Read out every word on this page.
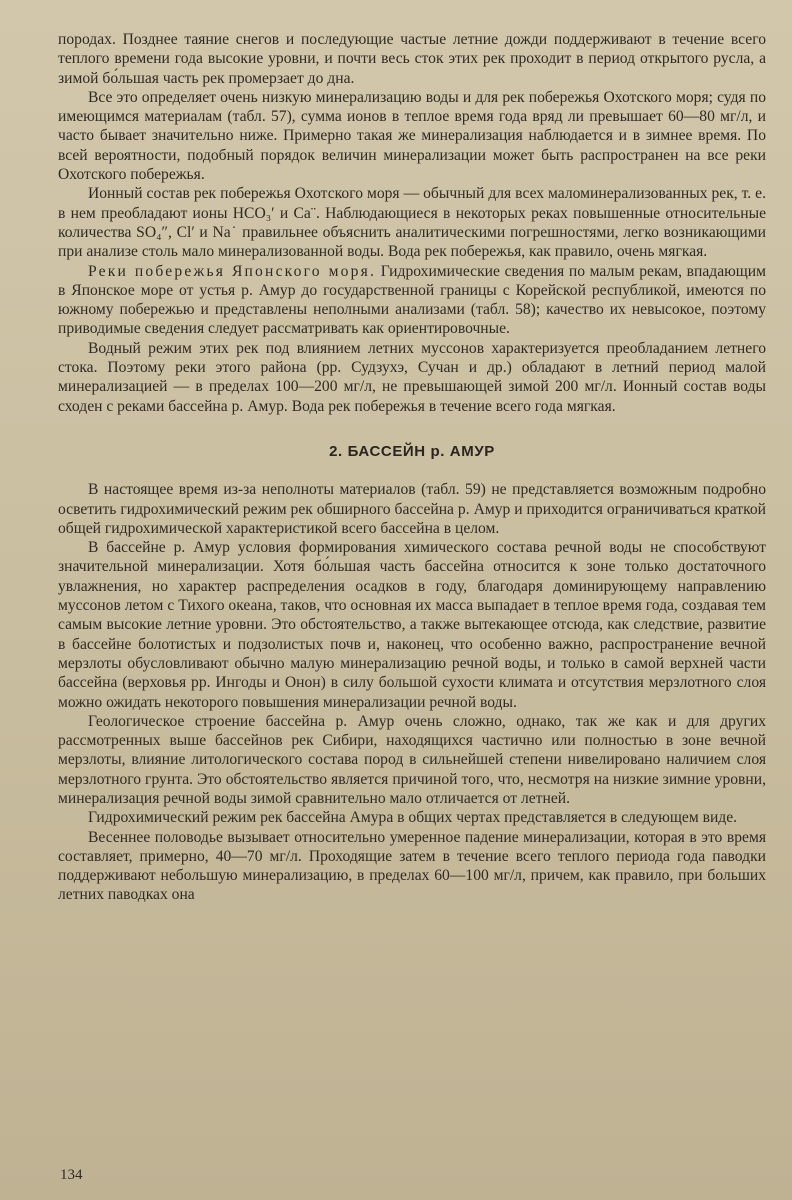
породах. Позднее таяние снегов и последующие частые летние дожди поддерживают в течение всего теплого времени года высокие уровни, и почти весь сток этих рек проходит в период открытого русла, а зимой бо́льшая часть рек промерзает до дна.

Все это определяет очень низкую минерализацию воды и для рек побережья Охотского моря; судя по имеющимся материалам (табл. 57), сумма ионов в теплое время года вряд ли превышает 60—80 мг/л, и часто бывает значительно ниже. Примерно такая же минерализация наблюдается и в зимнее время. По всей вероятности, подобный порядок величин минерализации может быть распространен на все реки Охотского побережья.

Ионный состав рек побережья Охотского моря — обычный для всех маломинерализованных рек, т. е. в нем преобладают ионы HCO₃′ и Ca¨. Наблюдающиеся в некоторых реках повышенные относительные количества SO₄″, Cl′ и Na˙ правильнее объяснить аналитическими погрешностями, легко возникающими при анализе столь мало минерализованной воды. Вода рек побережья, как правило, очень мягкая.

Реки побережья Японского моря. Гидрохимические сведения по малым рекам, впадающим в Японское море от устья р. Амур до государственной границы с Корейской республикой, имеются по южному побережью и представлены неполными анализами (табл. 58); качество их невысокое, поэтому приводимые сведения следует рассматривать как ориентировочные.

Водный режим этих рек под влиянием летних муссонов характеризуется преобладанием летнего стока. Поэтому реки этого района (рр. Судзухэ, Сучан и др.) обладают в летний период малой минерализацией — в пределах 100—200 мг/л, не превышающей зимой 200 мг/л. Ионный состав воды сходен с реками бассейна р. Амур. Вода рек побережья в течение всего года мягкая.

2. БАССЕЙН р. АМУР

В настоящее время из-за неполноты материалов (табл. 59) не представляется возможным подробно осветить гидрохимический режим рек обширного бассейна р. Амур и приходится ограничиваться краткой общей гидрохимической характеристикой всего бассейна в целом.

В бассейне р. Амур условия формирования химического состава речной воды не способствуют значительной минерализации. Хотя бо́льшая часть бассейна относится к зоне только достаточного увлажнения, но характер распределения осадков в году, благодаря доминирующему направлению муссонов летом с Тихого океана, таков, что основная их масса выпадает в теплое время года, создавая тем самым высокие летние уровни. Это обстоятельство, а также вытекающее отсюда, как следствие, развитие в бассейне болотистых и подзолистых почв и, наконец, что особенно важно, распространение вечной мерзлоты обусловливают обычно малую минерализацию речной воды, и только в самой верхней части бассейна (верховья рр. Ингоды и Онон) в силу большой сухости климата и отсутствия мерзлотного слоя можно ожидать некоторого повышения минерализации речной воды.

Геологическое строение бассейна р. Амур очень сложно, однако, так же как и для других рассмотренных выше бассейнов рек Сибири, находящихся частично или полностью в зоне вечной мерзлоты, влияние литологического состава пород в сильнейшей степени нивелировано наличием слоя мерзлотного грунта. Это обстоятельство является причиной того, что, несмотря на низкие зимние уровни, минерализация речной воды зимой сравнительно мало отличается от летней.

Гидрохимический режим рек бассейна Амура в общих чертах представляется в следующем виде.

Весеннее половодье вызывает относительно умеренное падение минерализации, которая в это время составляет, примерно, 40—70 мг/л. Проходящие затем в течение всего теплого периода года паводки поддерживают небольшую минерализацию, в пределах 60—100 мг/л, причем, как правило, при больших летних паводках она

134
